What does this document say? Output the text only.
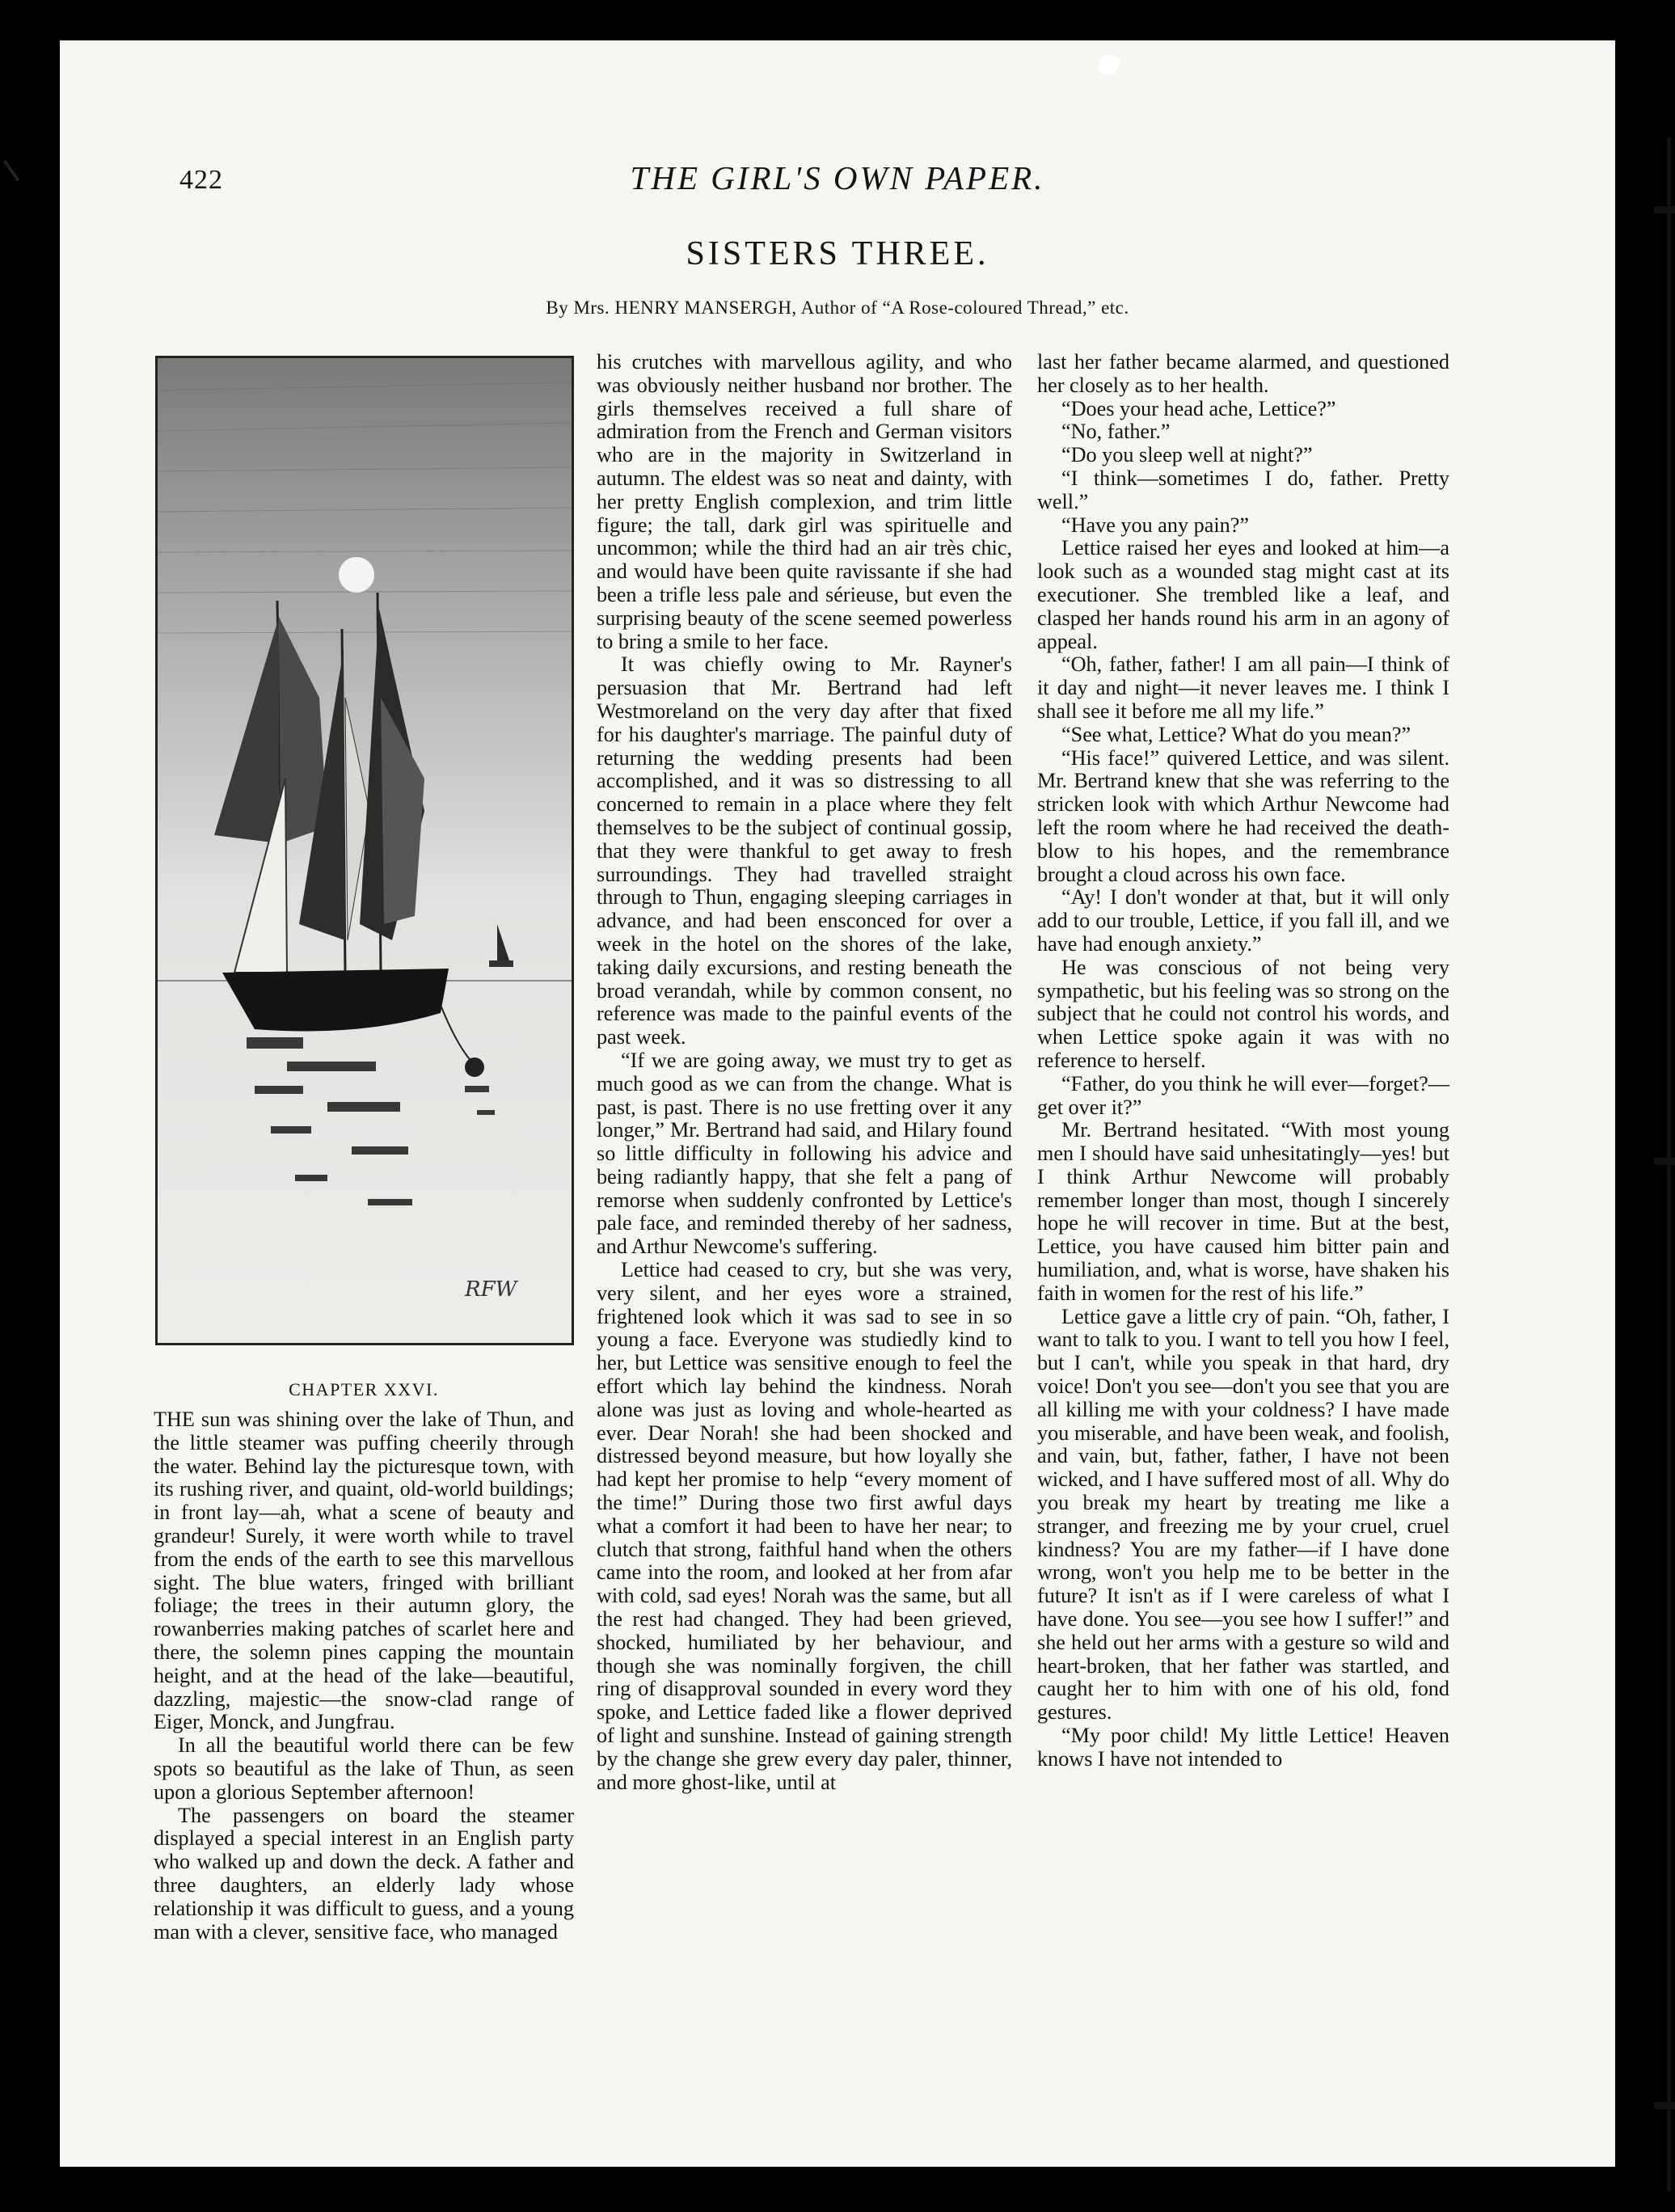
422	THE GIRL'S OWN PAPER.
SISTERS THREE.
By Mrs. HENRY MANSERGH, Author of “A Rose-coloured Thread,” etc.
RFW
CHAPTER XXVI.

THE sun was shining over the lake of Thun, and the little steamer was puffing cheerily through the water. Behind lay the picturesque town, with its rushing river, and quaint, old-world buildings; in front lay—ah, what a scene of beauty and grandeur! Surely, it were worth while to travel from the ends of the earth to see this marvellous sight. The blue waters, fringed with brilliant foliage; the trees in their autumn glory, the rowanberries making patches of scarlet here and there, the solemn pines capping the mountain height, and at the head of the lake—beautiful, dazzling, majestic—the snow-clad range of Eiger, Monck, and Jungfrau.

In all the beautiful world there can be few spots so beautiful as the lake of Thun, as seen upon a glorious September afternoon!

The passengers on board the steamer displayed a special interest in an English party who walked up and down the deck. A father and three daughters, an elderly lady whose relationship it was difficult to guess, and a young man with a clever, sensitive face, who managed

his crutches with marvellous agility, and who was obviously neither husband nor brother. The girls themselves received a full share of admiration from the French and German visitors who are in the majority in Switzerland in autumn. The eldest was so neat and dainty, with her pretty English complexion, and trim little figure; the tall, dark girl was spirituelle and uncommon; while the third had an air très chic, and would have been quite ravissante if she had been a trifle less pale and sérieuse, but even the surprising beauty of the scene seemed powerless to bring a smile to her face.

It was chiefly owing to Mr. Rayner's persuasion that Mr. Bertrand had left Westmoreland on the very day after that fixed for his daughter's marriage. The painful duty of returning the wedding presents had been accomplished, and it was so distressing to all concerned to remain in a place where they felt themselves to be the subject of continual gossip, that they were thankful to get away to fresh surroundings. They had travelled straight through to Thun, engaging sleeping carriages in advance, and had been ensconced for over a week in the hotel on the shores of the lake, taking daily excursions, and resting beneath the broad verandah, while by common consent, no reference was made to the painful events of the past week.

“If we are going away, we must try to get as much good as we can from the change. What is past, is past. There is no use fretting over it any longer,” Mr. Bertrand had said, and Hilary found so little difficulty in following his advice and being radiantly happy, that she felt a pang of remorse when suddenly confronted by Lettice's pale face, and reminded thereby of her sadness, and Arthur Newcome's suffering.

Lettice had ceased to cry, but she was very, very silent, and her eyes wore a strained, frightened look which it was sad to see in so young a face. Everyone was studiedly kind to her, but Lettice was sensitive enough to feel the effort which lay behind the kindness. Norah alone was just as loving and whole-hearted as ever. Dear Norah! she had been shocked and distressed beyond measure, but how loyally she had kept her promise to help “every moment of the time!” During those two first awful days what a comfort it had been to have her near; to clutch that strong, faithful hand when the others came into the room, and looked at her from afar with cold, sad eyes! Norah was the same, but all the rest had changed. They had been grieved, shocked, humiliated by her behaviour, and though she was nominally forgiven, the chill ring of disapproval sounded in every word they spoke, and Lettice faded like a flower deprived of light and sunshine. Instead of gaining strength by the change she grew every day paler, thinner, and more ghost-like, until at

last her father became alarmed, and questioned her closely as to her health.

“Does your head ache, Lettice?”

“No, father.”

“Do you sleep well at night?”

“I think—sometimes I do, father. Pretty well.”

“Have you any pain?”

Lettice raised her eyes and looked at him—a look such as a wounded stag might cast at its executioner. She trembled like a leaf, and clasped her hands round his arm in an agony of appeal.

“Oh, father, father! I am all pain—I think of it day and night—it never leaves me. I think I shall see it before me all my life.”

“See what, Lettice? What do you mean?”

“His face!” quivered Lettice, and was silent. Mr. Bertrand knew that she was referring to the stricken look with which Arthur Newcome had left the room where he had received the death-blow to his hopes, and the remembrance brought a cloud across his own face.

“Ay! I don't wonder at that, but it will only add to our trouble, Lettice, if you fall ill, and we have had enough anxiety.”

He was conscious of not being very sympathetic, but his feeling was so strong on the subject that he could not control his words, and when Lettice spoke again it was with no reference to herself.

“Father, do you think he will ever—forget?—get over it?”

Mr. Bertrand hesitated. “With most young men I should have said unhesitatingly—yes! but I think Arthur Newcome will probably remember longer than most, though I sincerely hope he will recover in time. But at the best, Lettice, you have caused him bitter pain and humiliation, and, what is worse, have shaken his faith in women for the rest of his life.”

Lettice gave a little cry of pain. “Oh, father, I want to talk to you. I want to tell you how I feel, but I can't, while you speak in that hard, dry voice! Don't you see—don't you see that you are all killing me with your coldness? I have made you miserable, and have been weak, and foolish, and vain, but, father, father, I have not been wicked, and I have suffered most of all. Why do you break my heart by treating me like a stranger, and freezing me by your cruel, cruel kindness? You are my father—if I have done wrong, won't you help me to be better in the future? It isn't as if I were careless of what I have done. You see—you see how I suffer!” and she held out her arms with a gesture so wild and heart-broken, that her father was startled, and caught her to him with one of his old, fond gestures.

“My poor child! My little Lettice! Heaven knows I have not intended to
